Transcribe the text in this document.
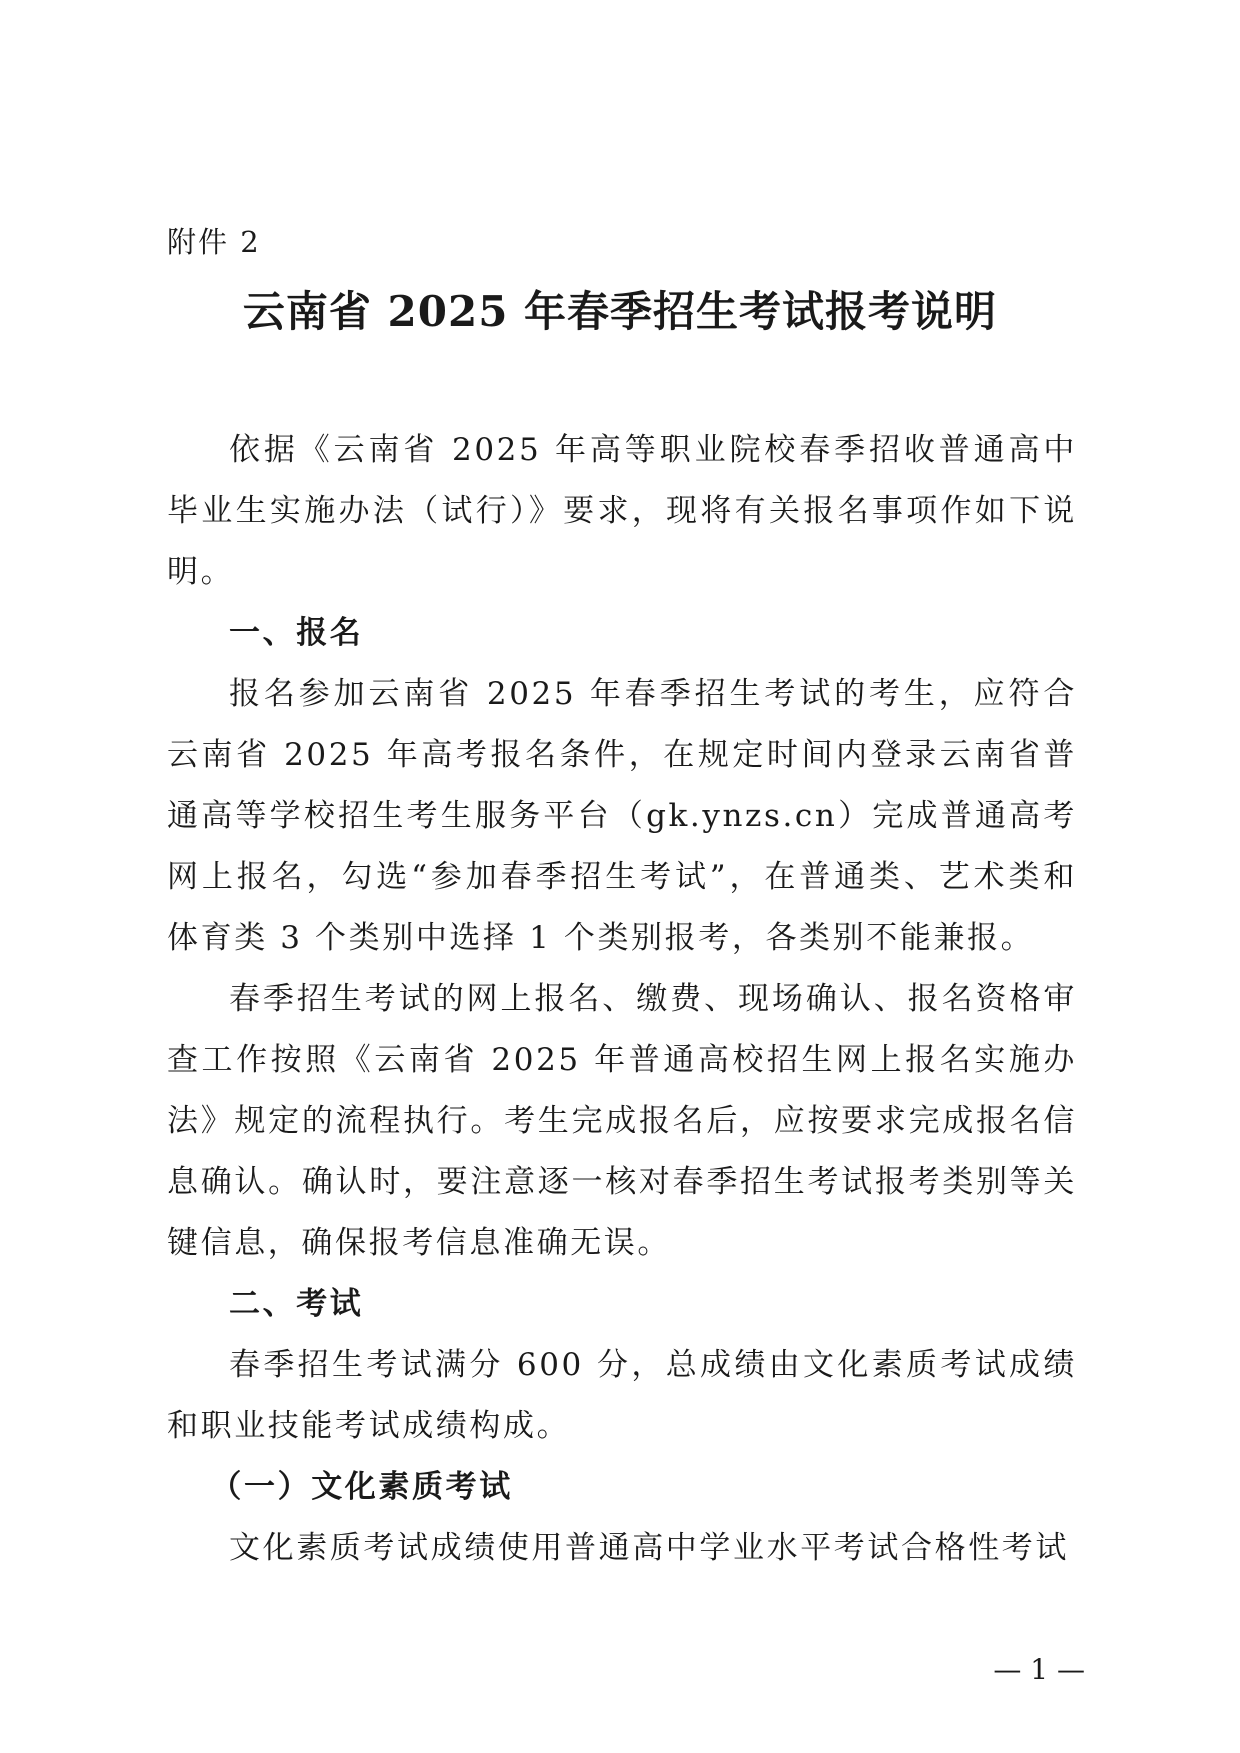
附件 2
云南省 2025 年春季招生考试报考说明

依据《云南省 2025 年高等职业院校春季招收普通高中毕业生实施办法（试行）》要求，现将有关报名事项作如下说明。

一、报名

报名参加云南省 2025 年春季招生考试的考生，应符合云南省 2025 年高考报名条件，在规定时间内登录云南省普通高等学校招生考生服务平台（gk.ynzs.cn）完成普通高考网上报名，勾选“参加春季招生考试”，在普通类、艺术类和体育类 3 个类别中选择 1 个类别报考，各类别不能兼报。

春季招生考试的网上报名、缴费、现场确认、报名资格审查工作按照《云南省 2025 年普通高校招生网上报名实施办法》规定的流程执行。考生完成报名后，应按要求完成报名信息确认。确认时，要注意逐一核对春季招生考试报考类别等关键信息，确保报考信息准确无误。

二、考试

春季招生考试满分 600 分，总成绩由文化素质考试成绩和职业技能考试成绩构成。

（一）文化素质考试

文化素质考试成绩使用普通高中学业水平考试合格性考试

— 1 —
